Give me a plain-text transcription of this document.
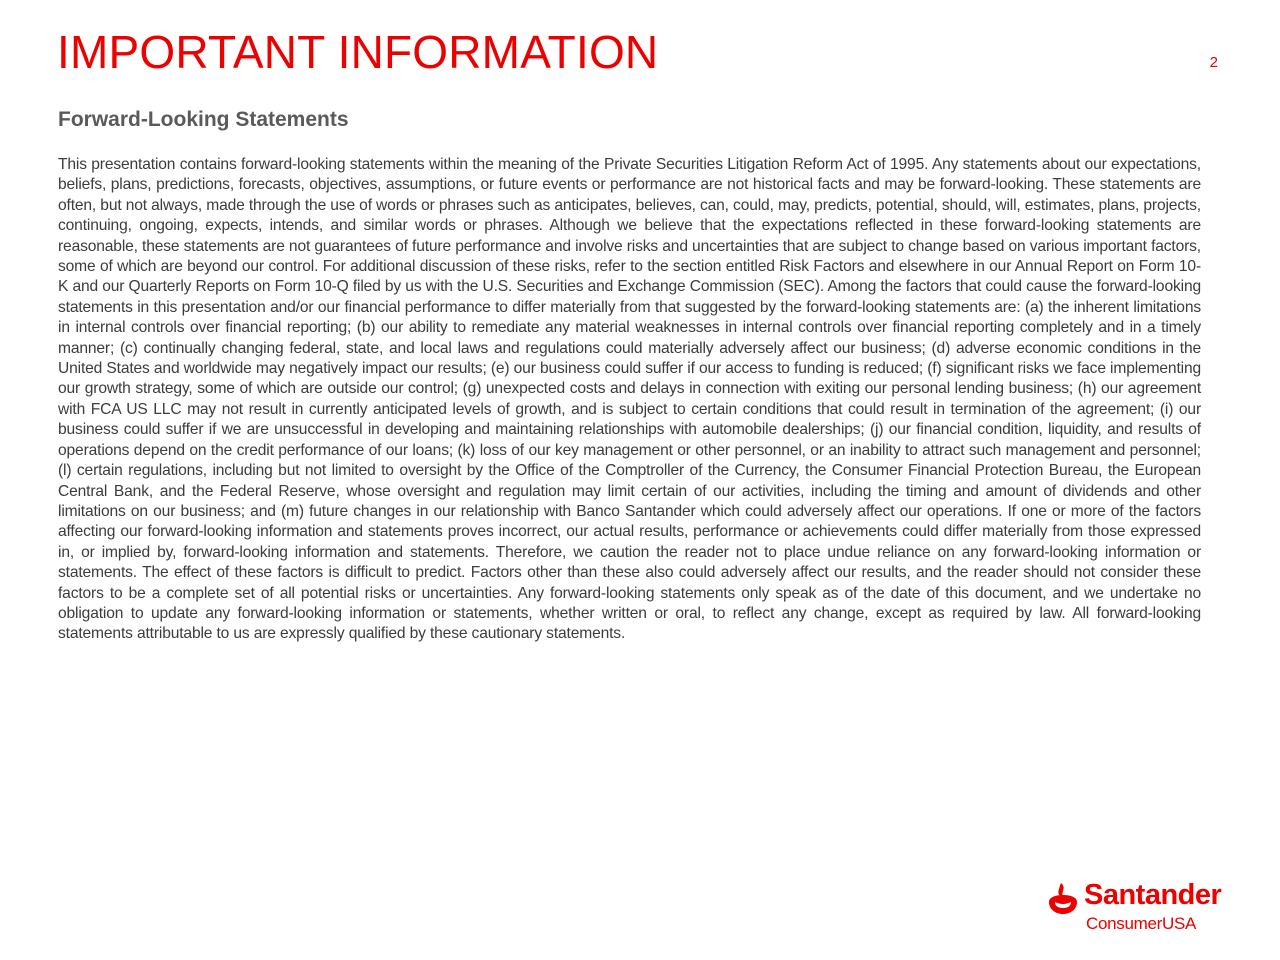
IMPORTANT INFORMATION	2
Forward-Looking Statements

This presentation contains forward-looking statements within the meaning of the Private Securities Litigation Reform Act of 1995. Any statements about our expectations, beliefs, plans, predictions, forecasts, objectives, assumptions, or future events or performance are not historical facts and may be forward-looking. These statements are often, but not always, made through the use of words or phrases such as anticipates, believes, can, could, may, predicts, potential, should, will, estimates, plans, projects, continuing, ongoing, expects, intends, and similar words or phrases. Although we believe that the expectations reflected in these forward-looking statements are reasonable, these statements are not guarantees of future performance and involve risks and uncertainties that are subject to change based on various important factors, some of which are beyond our control. For additional discussion of these risks, refer to the section entitled Risk Factors and elsewhere in our Annual Report on Form 10-K and our Quarterly Reports on Form 10-Q filed by us with the U.S. Securities and Exchange Commission (SEC). Among the factors that could cause the forward-looking statements in this presentation and/or our financial performance to differ materially from that suggested by the forward-looking statements are: (a) the inherent limitations in internal controls over financial reporting; (b) our ability to remediate any material weaknesses in internal controls over financial reporting completely and in a timely manner; (c) continually changing federal, state, and local laws and regulations could materially adversely affect our business; (d) adverse economic conditions in the United States and worldwide may negatively impact our results; (e) our business could suffer if our access to funding is reduced; (f) significant risks we face implementing our growth strategy, some of which are outside our control; (g) unexpected costs and delays in connection with exiting our personal lending business; (h) our agreement with FCA US LLC may not result in currently anticipated levels of growth, and is subject to certain conditions that could result in termination of the agreement; (i) our business could suffer if we are unsuccessful in developing and maintaining relationships with automobile dealerships; (j) our financial condition, liquidity, and results of operations depend on the credit performance of our loans; (k) loss of our key management or other personnel, or an inability to attract such management and personnel; (l) certain regulations, including but not limited to oversight by the Office of the Comptroller of the Currency, the Consumer Financial Protection Bureau, the European Central Bank, and the Federal Reserve, whose oversight and regulation may limit certain of our activities, including the timing and amount of dividends and other limitations on our business; and (m) future changes in our relationship with Banco Santander which could adversely affect our operations. If one or more of the factors affecting our forward-looking information and statements proves incorrect, our actual results, performance or achievements could differ materially from those expressed in, or implied by, forward-looking information and statements. Therefore, we caution the reader not to place undue reliance on any forward-looking information or statements. The effect of these factors is difficult to predict. Factors other than these also could adversely affect our results, and the reader should not consider these factors to be a complete set of all potential risks or uncertainties. Any forward-looking statements only speak as of the date of this document, and we undertake no obligation to update any forward-looking information or statements, whether written or oral, to reflect any change, except as required by law. All forward-looking statements attributable to us are expressly qualified by these cautionary statements.

Santander
ConsumerUSA
